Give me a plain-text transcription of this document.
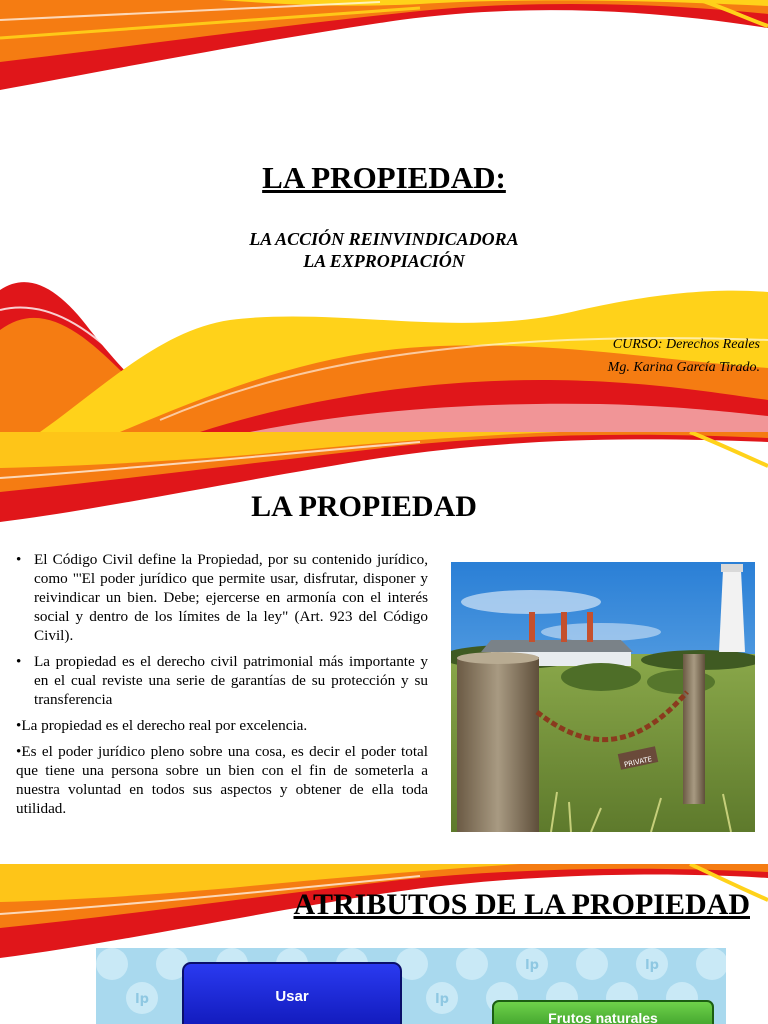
LA PROPIEDAD:
LA ACCIÓN REINVINDICADORA
LA EXPROPIACIÓN
CURSO: Derechos Reales
Mg. Karina García Tirado.
LA PROPIEDAD

• El Código Civil define la Propiedad, por su contenido jurídico, como "'El poder jurídico que permite usar, disfrutar, disponer y reivindicar un bien. Debe; ejercerse en armonía con el interés social y dentro de los límites de la ley" (Art. 923 del Código Civil).

• La propiedad es el derecho civil patrimonial más importante y en el cual reviste una serie de garantías de su protección y su transferencia

•La propiedad es el derecho real por excelencia.

•Es el poder jurídico pleno sobre una cosa, es decir el poder total que tiene una persona sobre un bien con el fin de someterla a nuestra voluntad en todos sus aspectos y obtener de ella toda utilidad.

PRIVATE
ATRIBUTOS DE LA PROPIEDAD
lp	lp
lp	lp
Usar
Frutos naturales
